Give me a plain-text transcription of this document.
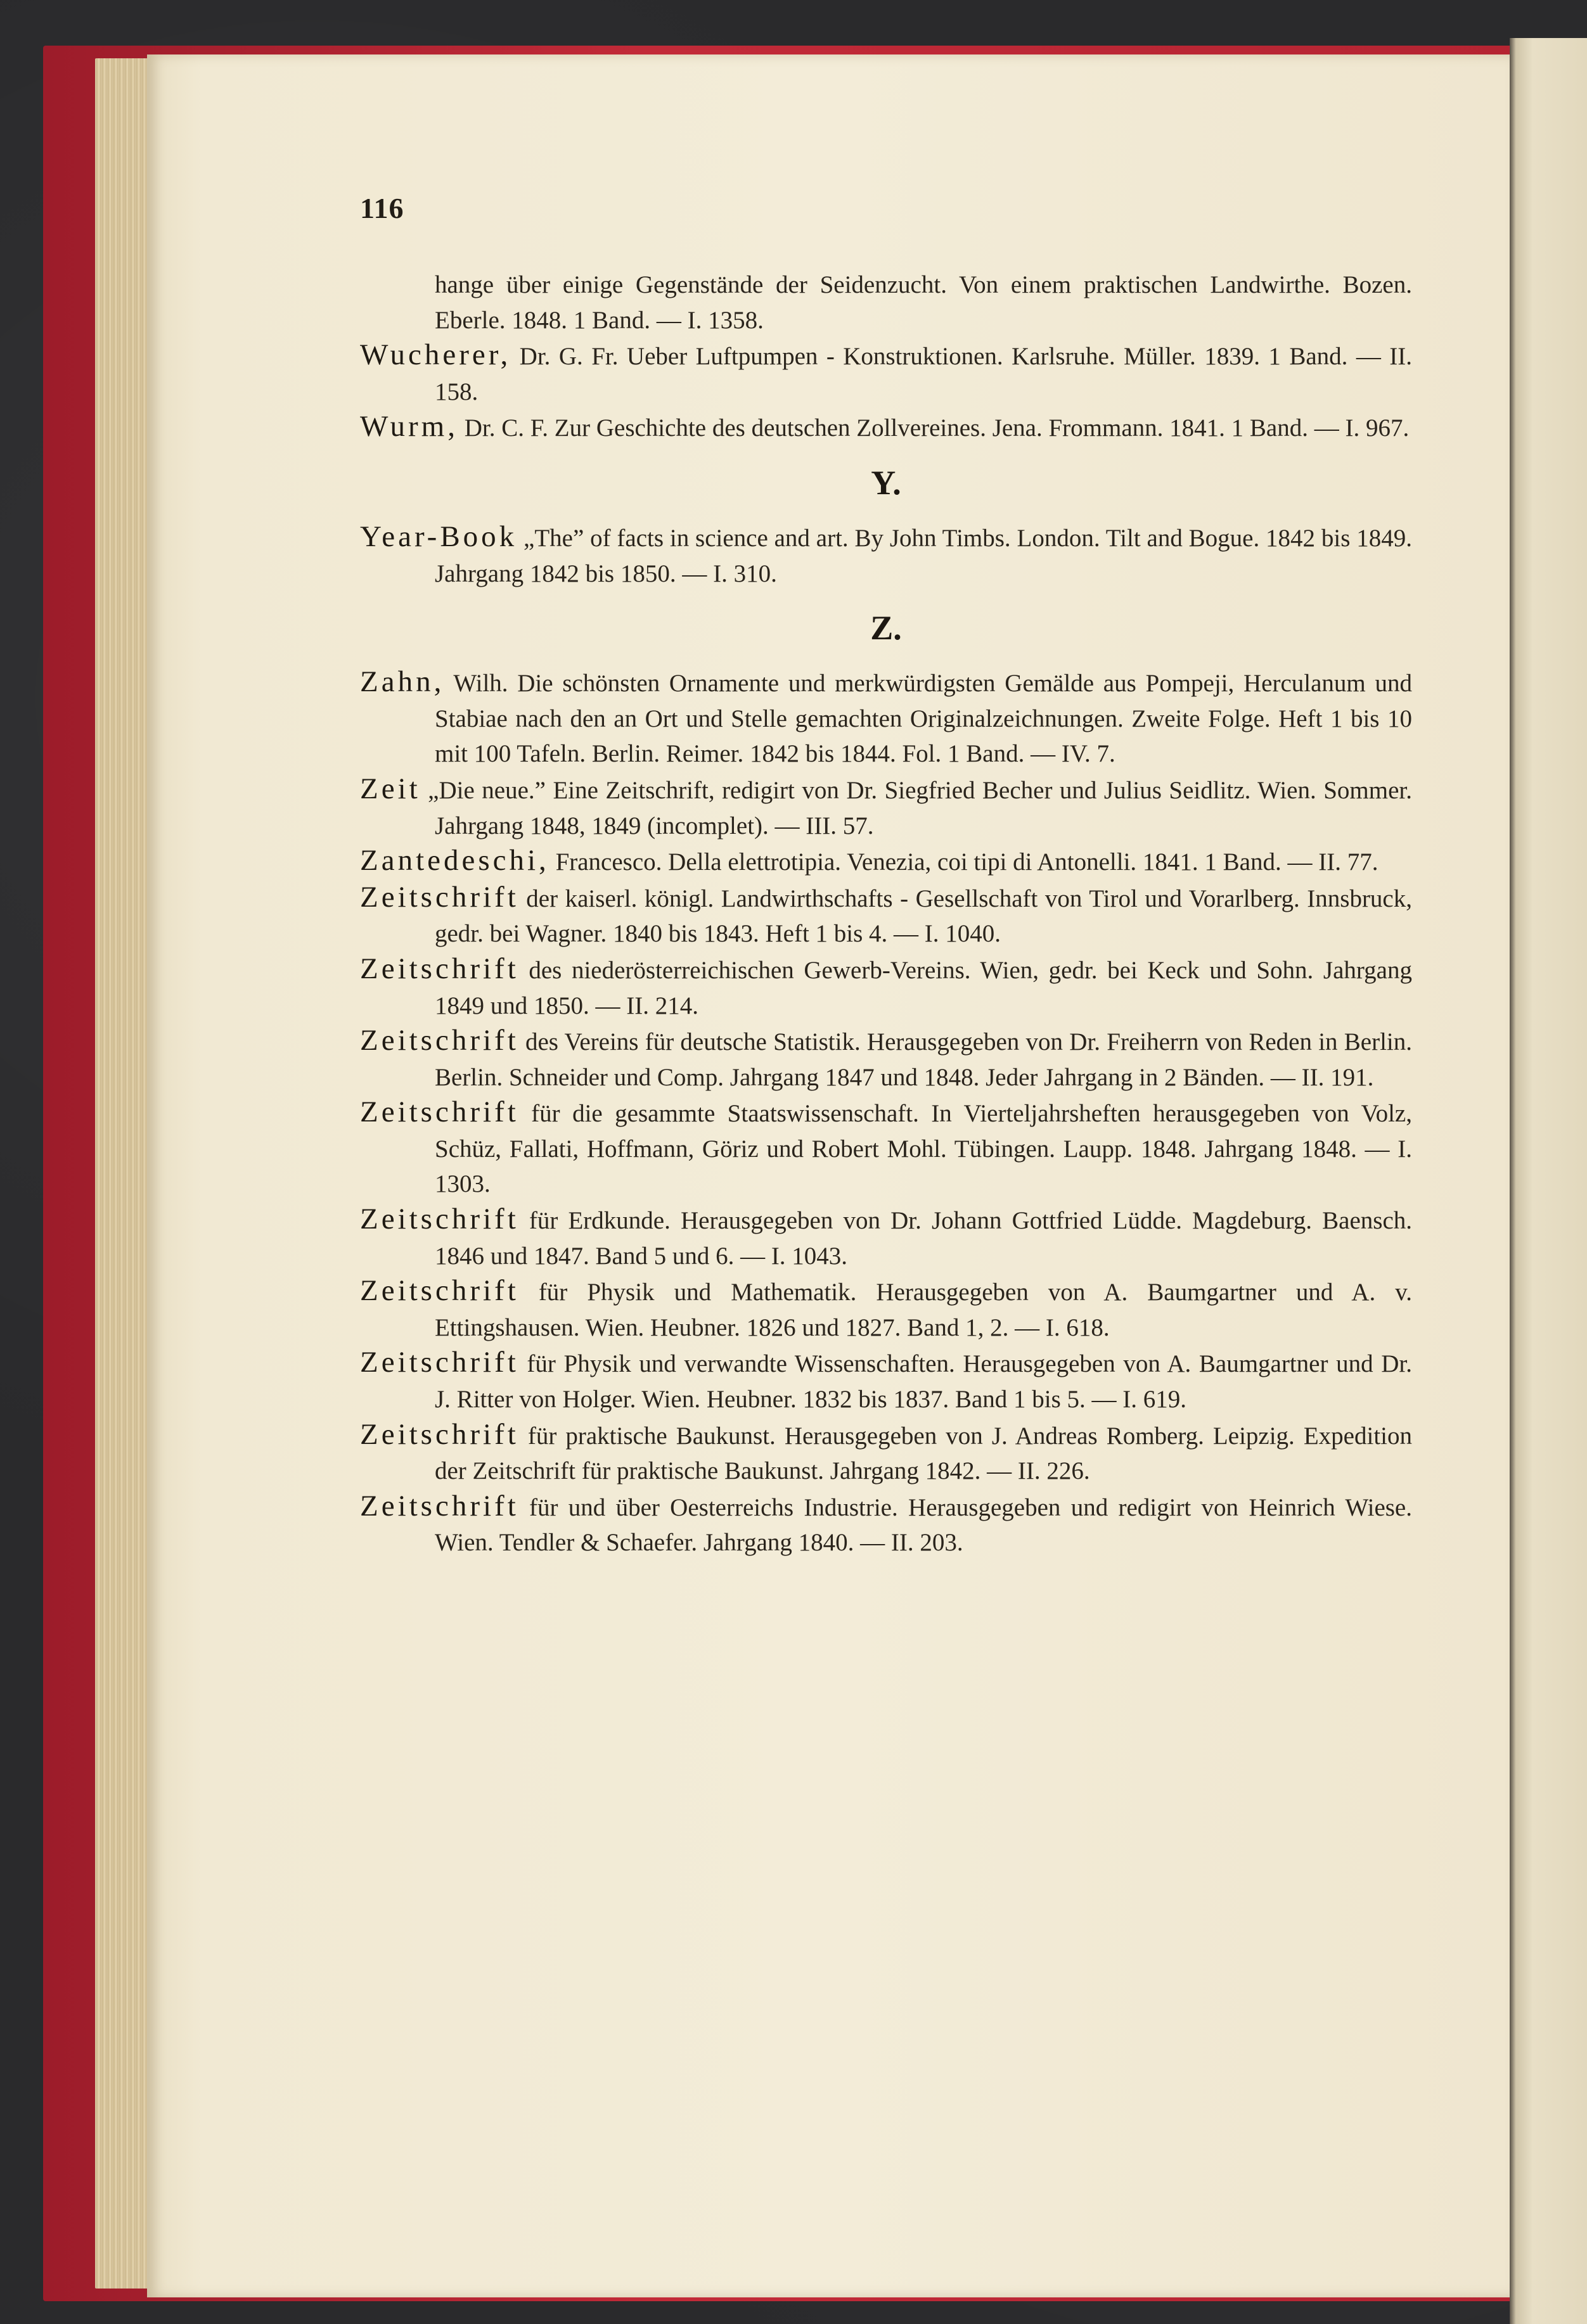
116

hange über einige Gegenstände der Seidenzucht. Von einem praktischen Landwirthe. Bozen. Eberle. 1848. 1 Band. — I. 1358.

Wucherer, Dr. G. Fr. Ueber Luftpumpen - Konstruktionen. Karlsruhe. Müller. 1839. 1 Band. — II. 158.

Wurm, Dr. C. F. Zur Geschichte des deutschen Zollvereines. Jena. Frommann. 1841. 1 Band. — I. 967.

Y.

Year-Book „The” of facts in science and art. By John Timbs. London. Tilt and Bogue. 1842 bis 1849. Jahrgang 1842 bis 1850. — I. 310.

Z.

Zahn, Wilh. Die schönsten Ornamente und merkwürdigsten Gemälde aus Pompeji, Herculanum und Stabiae nach den an Ort und Stelle gemachten Originalzeichnungen. Zweite Folge. Heft 1 bis 10 mit 100 Tafeln. Berlin. Reimer. 1842 bis 1844. Fol. 1 Band. — IV. 7.

Zeit „Die neue.” Eine Zeitschrift, redigirt von Dr. Siegfried Becher und Julius Seidlitz. Wien. Sommer. Jahrgang 1848, 1849 (incomplet). — III. 57.

Zantedeschi, Francesco. Della elettrotipia. Venezia, coi tipi di Antonelli. 1841. 1 Band. — II. 77.

Zeitschrift der kaiserl. königl. Landwirthschafts - Gesellschaft von Tirol und Vorarlberg. Innsbruck, gedr. bei Wagner. 1840 bis 1843. Heft 1 bis 4. — I. 1040.

Zeitschrift des niederösterreichischen Gewerb-Vereins. Wien, gedr. bei Keck und Sohn. Jahrgang 1849 und 1850. — II. 214.

Zeitschrift des Vereins für deutsche Statistik. Herausgegeben von Dr. Freiherrn von Reden in Berlin. Berlin. Schneider und Comp. Jahrgang 1847 und 1848. Jeder Jahrgang in 2 Bänden. — II. 191.

Zeitschrift für die gesammte Staatswissenschaft. In Vierteljahrsheften herausgegeben von Volz, Schüz, Fallati, Hoffmann, Göriz und Robert Mohl. Tübingen. Laupp. 1848. Jahrgang 1848. — I. 1303.

Zeitschrift für Erdkunde. Herausgegeben von Dr. Johann Gottfried Lüdde. Magdeburg. Baensch. 1846 und 1847. Band 5 und 6. — I. 1043.

Zeitschrift für Physik und Mathematik. Herausgegeben von A. Baumgartner und A. v. Ettingshausen. Wien. Heubner. 1826 und 1827. Band 1, 2. — I. 618.

Zeitschrift für Physik und verwandte Wissenschaften. Herausgegeben von A. Baumgartner und Dr. J. Ritter von Holger. Wien. Heubner. 1832 bis 1837. Band 1 bis 5. — I. 619.

Zeitschrift für praktische Baukunst. Herausgegeben von J. Andreas Romberg. Leipzig. Expedition der Zeitschrift für praktische Baukunst. Jahrgang 1842. — II. 226.

Zeitschrift für und über Oesterreichs Industrie. Herausgegeben und redigirt von Heinrich Wiese. Wien. Tendler & Schaefer. Jahrgang 1840. — II. 203.
